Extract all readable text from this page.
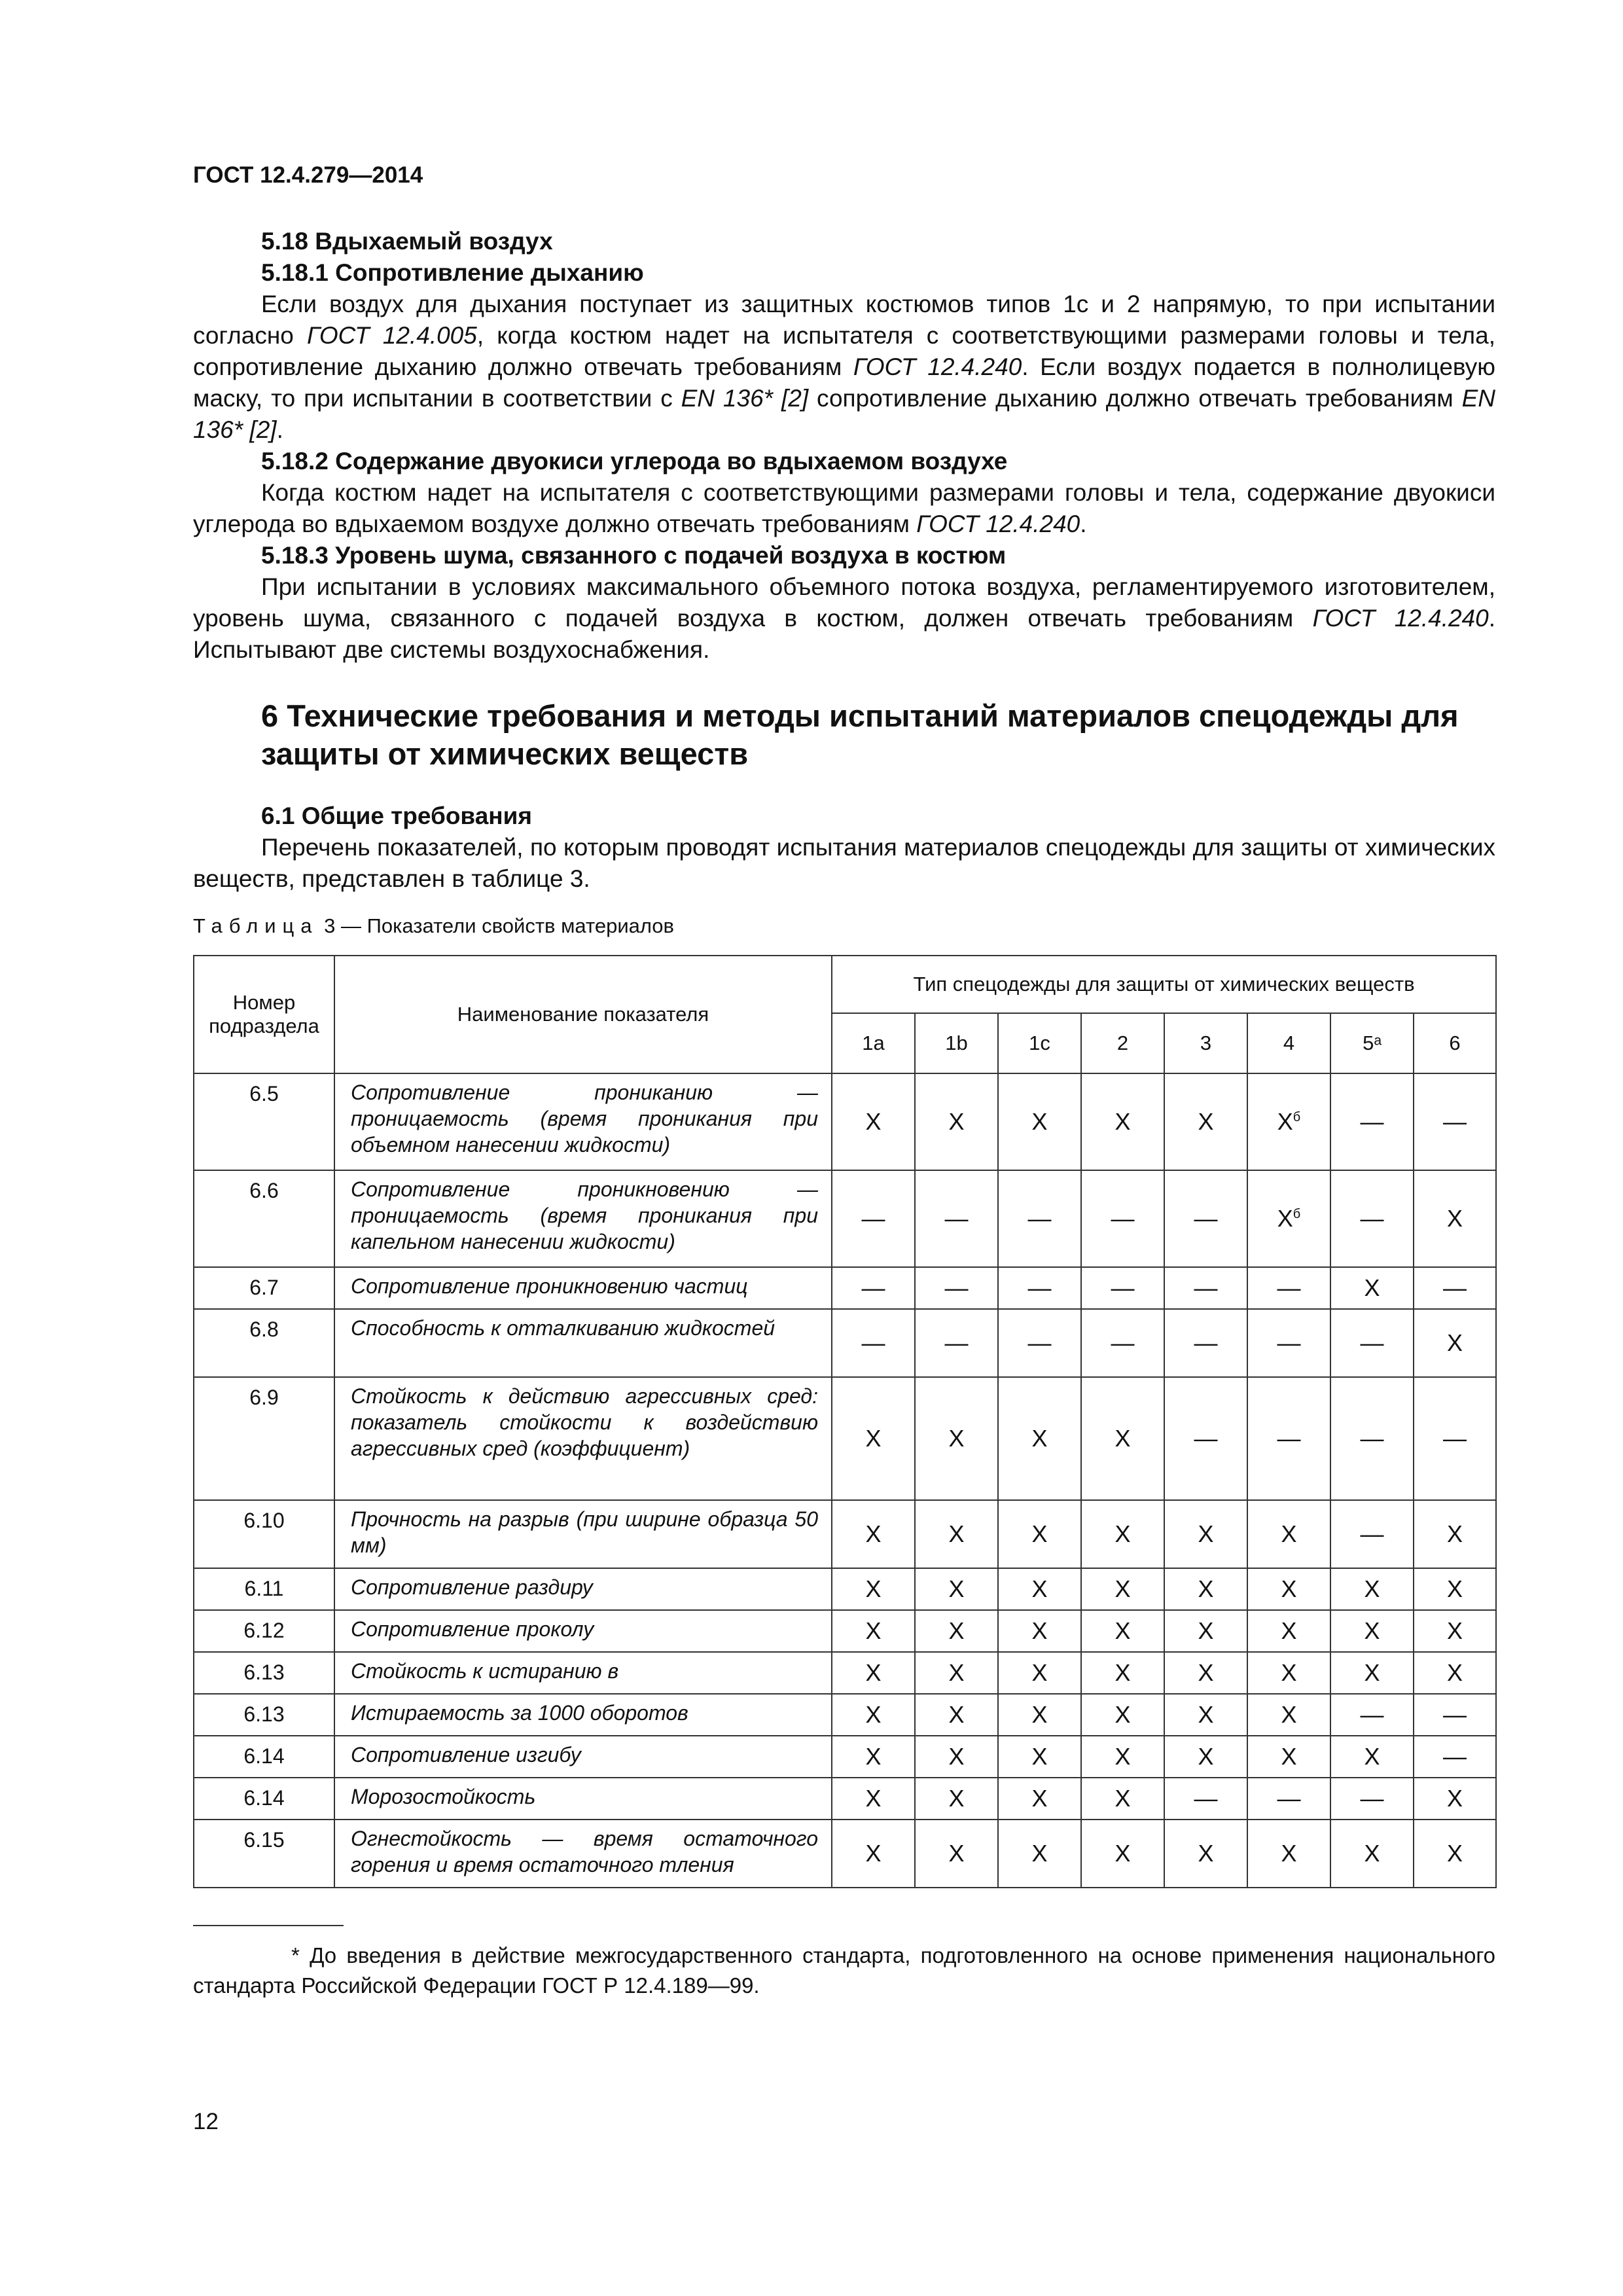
ГОСТ 12.4.279—2014
5.18 Вдыхаемый воздух
5.18.1 Сопротивление дыханию

Если воздух для дыхания поступает из защитных костюмов типов 1с и 2 напрямую, то при испытании согласно ГОСТ 12.4.005, когда костюм надет на испытателя с соответствующими размерами головы и тела, сопротивление дыханию должно отвечать требованиям ГОСТ 12.4.240. Если воздух подается в полнолицевую маску, то при испытании в соответствии с EN 136* [2] сопротивление дыханию должно отвечать требованиям EN 136* [2].

5.18.2 Содержание двуокиси углерода во вдыхаемом воздухе

Когда костюм надет на испытателя с соответствующими размерами головы и тела, содержание двуокиси углерода во вдыхаемом воздухе должно отвечать требованиям ГОСТ 12.4.240.

5.18.3 Уровень шума, связанного с подачей воздуха в костюм

При испытании в условиях максимального объемного потока воздуха, регламентируемого изготовителем, уровень шума, связанного с подачей воздуха в костюм, должен отвечать требованиям ГОСТ 12.4.240. Испытывают две системы воздухоснабжения.

6 Технические требования и методы испытаний материалов спецодежды для защиты от химических веществ
6.1 Общие требования

Перечень показателей, по которым проводят испытания материалов спецодежды для защиты от химических веществ, представлен в таблице 3.

Таблица 3 — Показатели свойств материалов
Номер подраздела	Наименование показателя	Тип спецодежды для защиты от химических веществ							
		1a	1b	1c	2	3	4	5ᵃ	6
6.5	Сопротивление проникaнию — проницаемость (время проникания при объемном нанесении жидкости)	X	X	X	X	X	$X^б$	—	—
6.6	Сопротивление проникновению — проницаемость (время проникания при капельном нанесении жидкости)	—	—	—	—	—	$X^б$	—	X
6.7	Сопротивление проникновению частиц	—	—	—	—	—	—	X	—
6.8	Способность к отталкиванию жидкостей	—	—	—	—	—	—	—	X
6.9	Стойкость к действию агрессивных сред: показатель стойкости к воздействию агрессивных сред (коэффициент)	X	X	X	X	—	—	—	—
6.10	Прочность на разрыв (при ширине образца 50 мм)	X	X	X	X	X	X	—	X
6.11	Сопротивление раздиру	X	X	X	X	X	X	X	X
6.12	Сопротивление проколу	X	X	X	X	X	X	X	X
6.13	Стойкость к истиранию в	X	X	X	X	X	X	X	X
6.13	Истираемость за 1000 оборотов	X	X	X	X	X	X	—	—
6.14	Сопротивление изгибу	X	X	X	X	X	X	X	—
6.14	Морозостойкость	X	X	X	X	—	—	—	X
6.15	Огнестойкость — время остаточного горения и время остаточного тления	X	X	X	X	X	X	X	X
* До введения в действие межгосударственного стандарта, подготовленного на основе применения национального стандарта Российской Федерации ГОСТ Р 12.4.189—99.
12
